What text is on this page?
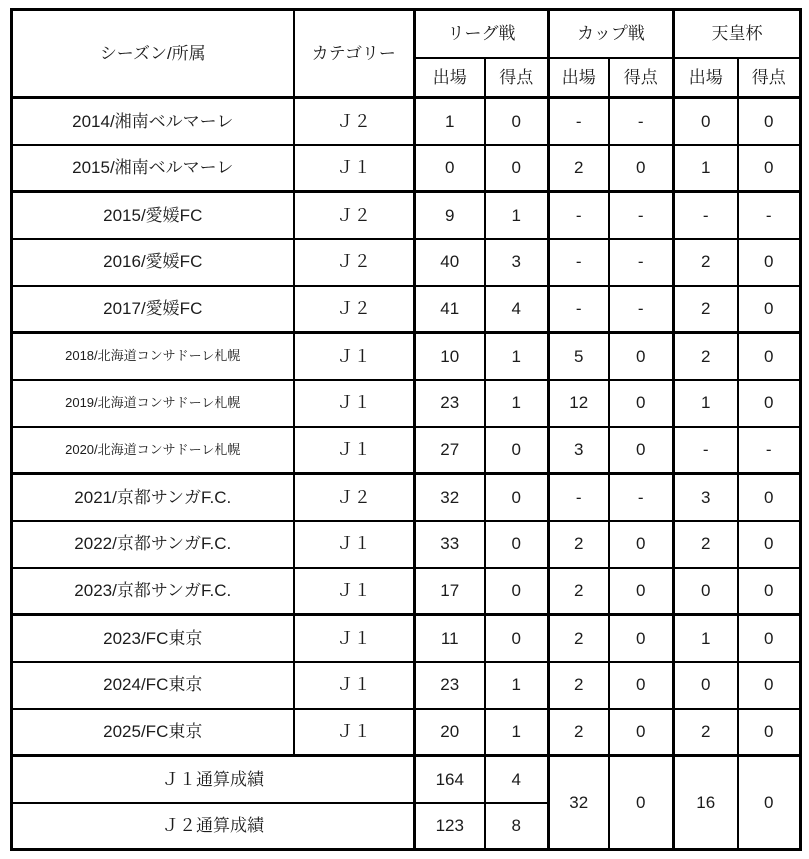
シーズン/所属	カテゴリー	リーグ戦		カップ戦		天皇杯	
		出場	得点	出場	得点	出場	得点
2014/湘南ベルマーレ	Ｊ２	1	0	-	-	0	0
2015/湘南ベルマーレ	Ｊ１	0	0	2	0	1	0
2015/愛媛FC	Ｊ２	9	1	-	-	-	-
2016/愛媛FC	Ｊ２	40	3	-	-	2	0
2017/愛媛FC	Ｊ２	41	4	-	-	2	0
2018/北海道コンサドーレ札幌	Ｊ１	10	1	5	0	2	0
2019/北海道コンサドーレ札幌	Ｊ１	23	1	12	0	1	0
2020/北海道コンサドーレ札幌	Ｊ１	27	0	3	0	-	-
2021/京都サンガF.C.	Ｊ２	32	0	-	-	3	0
2022/京都サンガF.C.	Ｊ１	33	0	2	0	2	0
2023/京都サンガF.C.	Ｊ１	17	0	2	0	0	0
2023/FC東京	Ｊ１	11	0	2	0	1	0
2024/FC東京	Ｊ１	23	1	2	0	0	0
2025/FC東京	Ｊ１	20	1	2	0	2	0
Ｊ１通算成績		164	4	32	0	16	0
Ｊ２通算成績		123	8				
